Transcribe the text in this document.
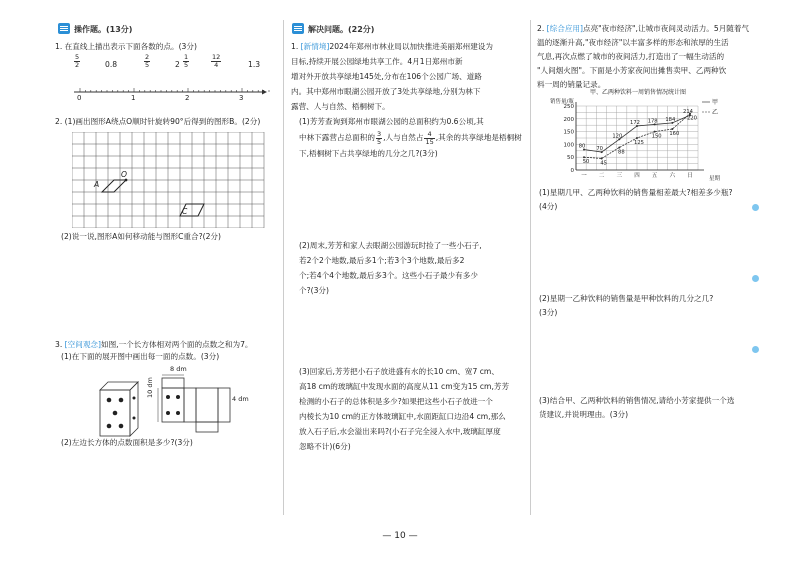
操作题。(13分)
1. 在直线上描出表示下面各数的点。(3分)
$\frac{5}{2}$	0.8	$\frac{2}{5}$	$2 \frac{1}{5}$	$\frac{12}{4}$	1.3
0	1	2	3
2. (1)画出图形A绕点O顺时针旋转90°后得到的图形B。(2分)
A
O
C
(2)说一说,图形A如何移动能与图形C重合?(2分)
3. [空间观念]如图,一个长方体相对两个面的点数之和为7。
(1)在下面的展开图中画出每一面的点数。(3分)
8 dm
10 dm
4 dm
(2)左边长方体的点数面积是多少?(3分)
解决问题。(22分)
1. [新情境]2024年郑州市林业局以加快推进美丽郑州建设为
目标,持续开展公园绿地共享工作。4月1日郑州市新
增对外开放共享绿地145处,分布在106个公园广场、道路
内。其中郑州市眼湖公园开放了3处共享绿地,分别为林下
露营、人与自然、梧桐树下。
(1)芳芳查询到郑州市眼湖公园的总面积约为0.6公顷,其
中林下露营占总面积的 $\frac{3}{5}$ ,人与自然占 $\frac{4}{15}$ ,其余的共享绿地是梧桐树
下,梧桐树下占共享绿地的几分之几?(3分)
(2)周末,芳芳和家人去眼湖公园游玩时捡了一些小石子,
若2个2个地数,最后多1个;若3个3个地数,最后多2
个;若4个4个地数,最后多3个。这些小石子最少有多少
个?(3分)
(3)回家后,芳芳把小石子放进盛有水的长10 cm、宽7 cm、
高18 cm的玻璃缸中发现水面的高度从11 cm变为15 cm,芳芳
检测的小石子的总体积是多少?如果把这些小石子放进一个
内棱长为10 cm的正方体玻璃缸中,水面距缸口边沿4 cm,那么
放入石子后,水会溢出来吗?(小石子完全浸入水中,玻璃缸厚度
忽略不计)(6分)
2. [综合应用]点亮"夜市经济",让城市夜间灵动活力。5月随着气
温的逐渐升高,"夜市经济"以丰富多样的形态和浓厚的生活
气息,再次点燃了城市的夜间活力,打造出了一幅生动活的
"人间烟火图"。下面是小芳家夜间出摊售卖甲、乙两种饮
料一周的销量记录。
甲、乙两种饮料一周销售情况统计图
销售量/瓶
星期
0
50
100
150
200
250
一 二 三 四 五 六 日
80 70
120
172 178 184
214
甲
50 45
88
125
150 160
220
乙
(1)星期几甲、乙两种饮料的销售量相差最大?相差多少瓶?
(4分)
(2)星期一乙种饮料的销售量是甲种饮料的几分之几?
(3分)
(3)结合甲、乙两种饮料的销售情况,请给小芳家提供一个选
货建议,并说明理由。(3分)
— 10 —
